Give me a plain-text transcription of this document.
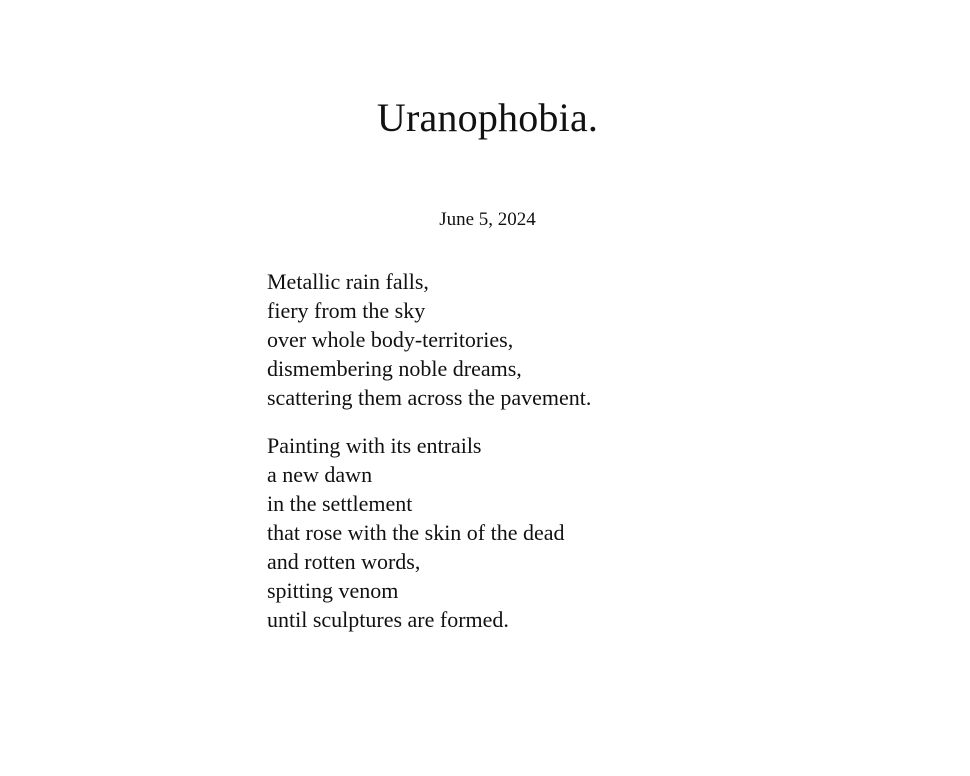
Uranophobia.
June 5, 2024

Metallic rain falls,
fiery from the sky
over whole body-territories,
dismembering noble dreams,
scattering them across the pavement.

Painting with its entrails
a new dawn
in the settlement
that rose with the skin of the dead
and rotten words,
spitting venom
until sculptures are formed.
